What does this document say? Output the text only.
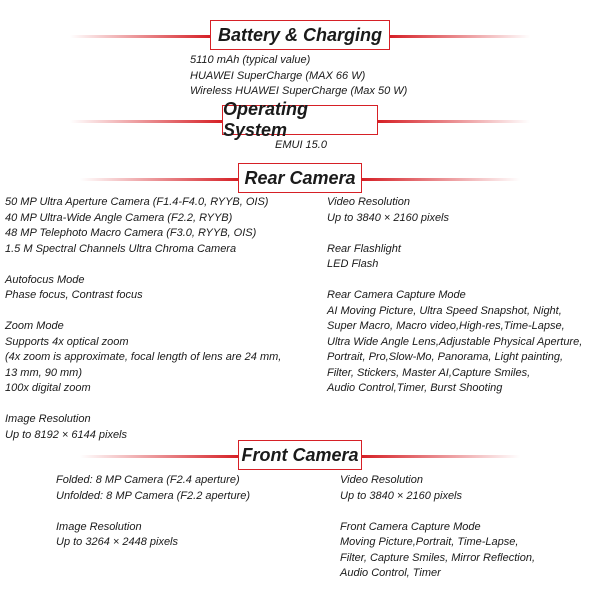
Battery & Charging
5110 mAh (typical value)
HUAWEI SuperCharge (MAX 66 W)
Wireless HUAWEI SuperCharge (Max 50 W)
Operating System
EMUI 15.0
Rear Camera
50 MP Ultra Aperture Camera (F1.4-F4.0, RYYB, OIS)
40 MP Ultra-Wide Angle Camera (F2.2, RYYB)
48 MP Telephoto Macro Camera (F3.0, RYYB, OIS)
1.5 M Spectral Channels Ultra Chroma Camera
Autofocus Mode
Phase focus, Contrast focus
Zoom Mode
Supports 4x optical zoom
(4x zoom is approximate, focal length of lens are 24 mm,
13 mm, 90 mm)
100x digital zoom
Image Resolution
Up to 8192 × 6144 pixels
Video Resolution
Up to 3840 × 2160 pixels
Rear Flashlight
LED Flash
Rear Camera Capture Mode
AI Moving Picture, Ultra Speed Snapshot, Night,
Super Macro, Macro video,High-res,Time-Lapse,
Ultra Wide Angle Lens,Adjustable Physical Aperture,
Portrait, Pro,Slow-Mo, Panorama, Light painting,
Filter, Stickers, Master AI,Capture Smiles,
Audio Control,Timer, Burst Shooting
Front Camera
Folded: 8 MP Camera (F2.4 aperture)
Unfolded: 8 MP Camera (F2.2 aperture)
Image Resolution
Up to 3264 × 2448 pixels
Video Resolution
Up to 3840 × 2160 pixels
Front Camera Capture Mode
Moving Picture,Portrait, Time-Lapse,
Filter, Capture Smiles, Mirror Reflection,
Audio Control, Timer
